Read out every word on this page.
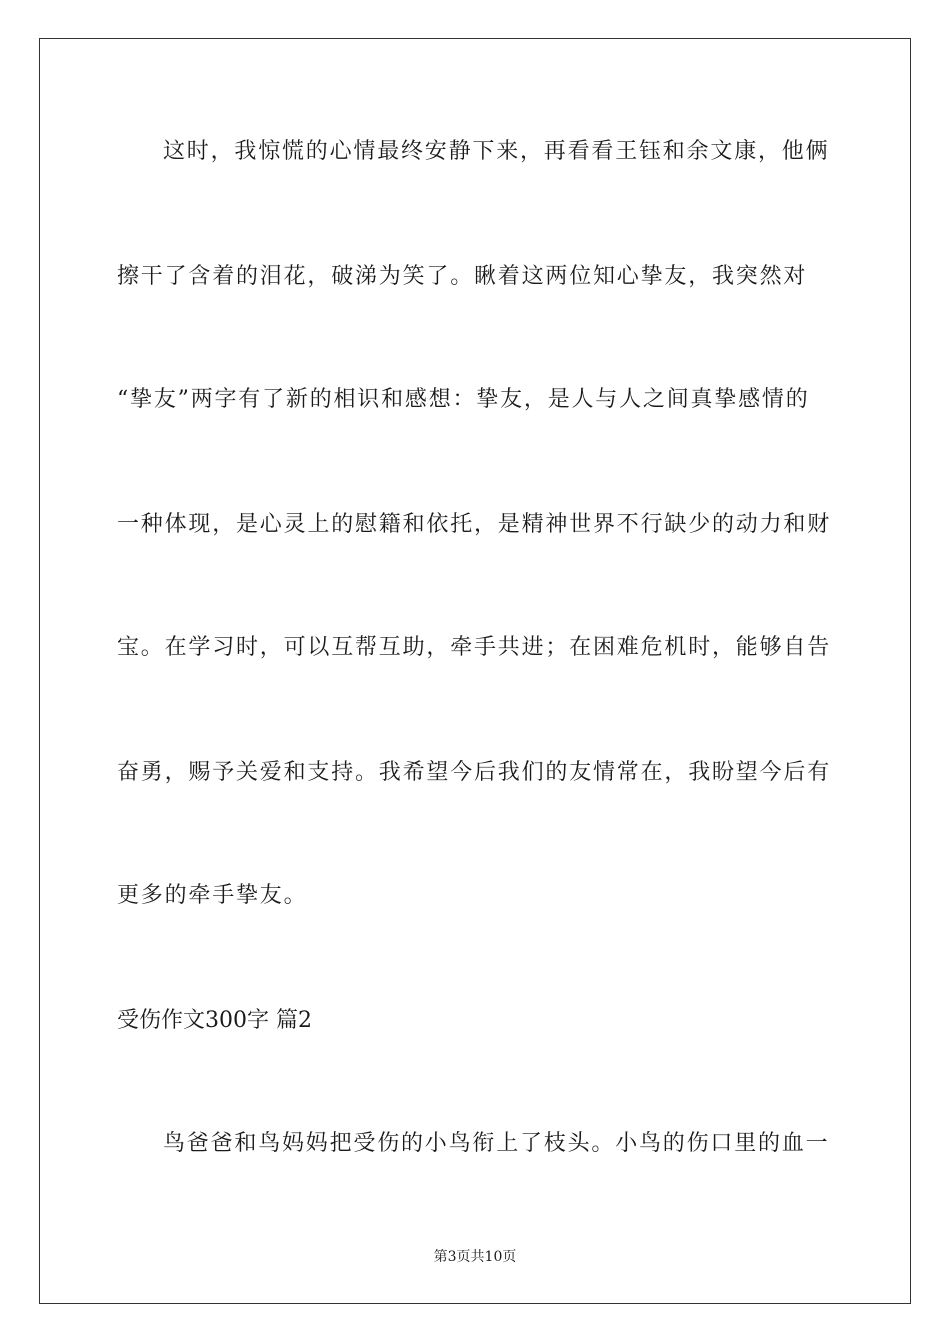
这时，我惊慌的心情最终安静下来，再看看王钰和余文康，他俩
擦干了含着的泪花，破涕为笑了。瞅着这两位知心挚友，我突然对
“挚友”两字有了新的相识和感想：挚友，是人与人之间真挚感情的
一种体现，是心灵上的慰籍和依托，是精神世界不行缺少的动力和财
宝。在学习时，可以互帮互助，牵手共进；在困难危机时，能够自告
奋勇，赐予关爱和支持。我希望今后我们的友情常在，我盼望今后有
更多的牵手挚友。
受伤作文300字 篇2
鸟爸爸和鸟妈妈把受伤的小鸟衔上了枝头。小鸟的伤口里的血一
第3页共10页
